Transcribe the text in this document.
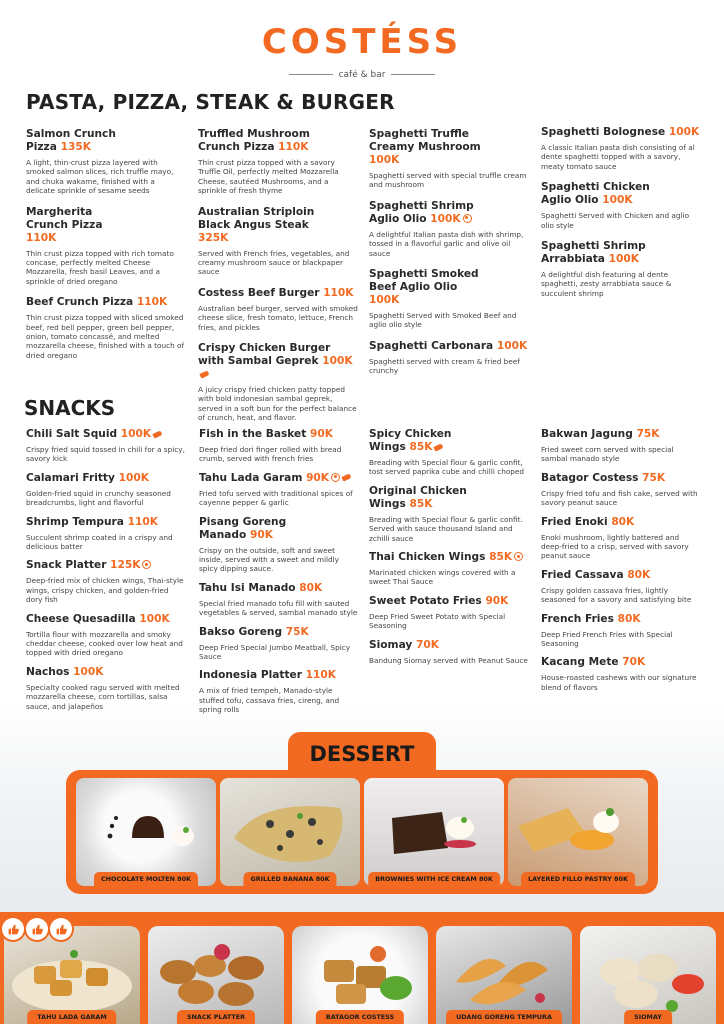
COSTÉSS
café & bar
PASTA, PIZZA, STEAK & BURGER
Salmon Crunch Pizza 135K
A light, thin-crust pizza layered with smoked salmon slices, rich truffle mayo, and chuka wakame, finished with a delicate sprinkle of sesame seeds
Margherita Crunch Pizza 110K
Thin crust pizza topped with rich tomato concase, perfectly melted Cheese Mozzarella, fresh basil Leaves, and a sprinkle of dried oregano
Beef Crunch Pizza 110K
Thin crust pizza topped with sliced smoked beef, red bell pepper, green bell pepper, onion, tomato concassé, and melted mozzarella cheese, finished with a touch of dried oregano
Truffled Mushroom Crunch Pizza 110K
Thin crust pizza topped with a savory Truffle Oil, perfectly melted Mozzarella Cheese, sautéed Mushrooms, and a sprinkle of fresh thyme
Australian Striploin Black Angus Steak 325K
Served with French fries, vegetables, and creamy mushroom sauce or blackpaper sauce
Costess Beef Burger 110K
Australian beef burger, served with smoked cheese slice, fresh tomato, lettuce, French fries, and pickles
Crispy Chicken Burger with Sambal Geprek 100K
A juicy crispy fried chicken patty topped with bold indonesian sambal geprek, served in a soft bun for the perfect balance of crunch, heat, and flavor.
Spaghetti Truffle Creamy Mushroom 100K
Spaghetti served with special truffle cream and mushroom
Spaghetti Shrimp Aglio Olio 100K
A delightful Italian pasta dish with shrimp, tossed in a flavorful garlic and olive oil sauce
Spaghetti Smoked Beef Aglio Olio 100K
Spaghetti Served with Smoked Beef and aglio olio style
Spaghetti Carbonara 100K
Spaghetti served with cream & fried beef crunchy
Spaghetti Bolognese 100K
A classic Italian pasta dish consisting of al dente spaghetti topped with a savory, meaty tomato sauce
Spaghetti Chicken Aglio Olio 100K
Spaghetti Served with Chicken and aglio olio style
Spaghetti Shrimp Arrabbiata 100K
A delightful dish featuring al dente spaghetti, zesty arrabbiata sauce & succulent shrimp
SNACKS
Chili Salt Squid 100K
Crispy fried squid tossed in chili for a spicy, savory kick
Calamari Fritty 100K
Golden-fried squid in crunchy seasoned breadcrumbs, light and flavorful
Shrimp Tempura 110K
Succulent shrimp coated in a crispy and delicious batter
Snack Platter 125K
Deep-fried mix of chicken wings, Thai-style wings, crispy chicken, and golden-fried dory fish
Cheese Quesadilla 100K
Tortilla flour with mozzarella and smoky cheddar cheese, cooked over low heat and topped with dried oregano
Nachos 100K
Specialty cooked ragu served with melted mozzarella cheese, corn tortillas, salsa sauce, and jalapeños
Fish in the Basket 90K
Deep fried dori finger rolled with bread crumb, served with french fries
Tahu Lada Garam 90K
Fried tofu served with traditional spices of cayenne pepper & garlic
Pisang Goreng Manado 90K
Crispy on the outside, soft and sweet inside, served with a sweet and mildly spicy dipping sauce.
Tahu Isi Manado 80K
Special fried manado tofu fill with sauted vegetables & served, sambal manado style
Bakso Goreng 75K
Deep Fried Special Jumbo Meatball, Spicy Sauce
Indonesia Platter 110K
A mix of fried tempeh, Manado-style stuffed tofu, cassava fries, cireng, and spring rolls
Spicy Chicken Wings 85K
Breading with Special flour & garlic confit, tost served paprika cube and chilli choped
Original Chicken Wings 85K
Breading with Special flour & garlic confit. Served with sauce thousand Island and zchilli sauce
Thai Chicken Wings 85K
Marinated chicken wings covered with a sweet Thai Sauce
Sweet Potato Fries 90K
Deep Fried Sweet Potato with Special Seasoning
Siomay 70K
Bandung Siomay served with Peanut Sauce
Bakwan Jagung 75K
Fried sweet corn served with special sambal manado style
Batagor Costess 75K
Crispy fried tofu and fish cake, served with savory peanut sauce
Fried Enoki 80K
Enoki mushroom, lightly battered and deep-fried to a crisp, served with savory peanut sauce
Fried Cassava 80K
Crispy golden cassava fries, lightly seasoned for a savory and satisfying bite
French Fries 80K
Deep Fried French Fries with Special Seasoning
Kacang Mete 70K
House-roasted cashews with our signature blend of flavors
DESSERT
CHOCOLATE MOLTEN 80K	GRILLED BANANA 80K	BROWNIES WITH ICE CREAM 80K	LAYERED FILLO PASTRY 80K
TAHU LADA GARAM	SNACK PLATTER	BATAGOR COSTESS	UDANG GORENG TEMPURA	SIOMAY
